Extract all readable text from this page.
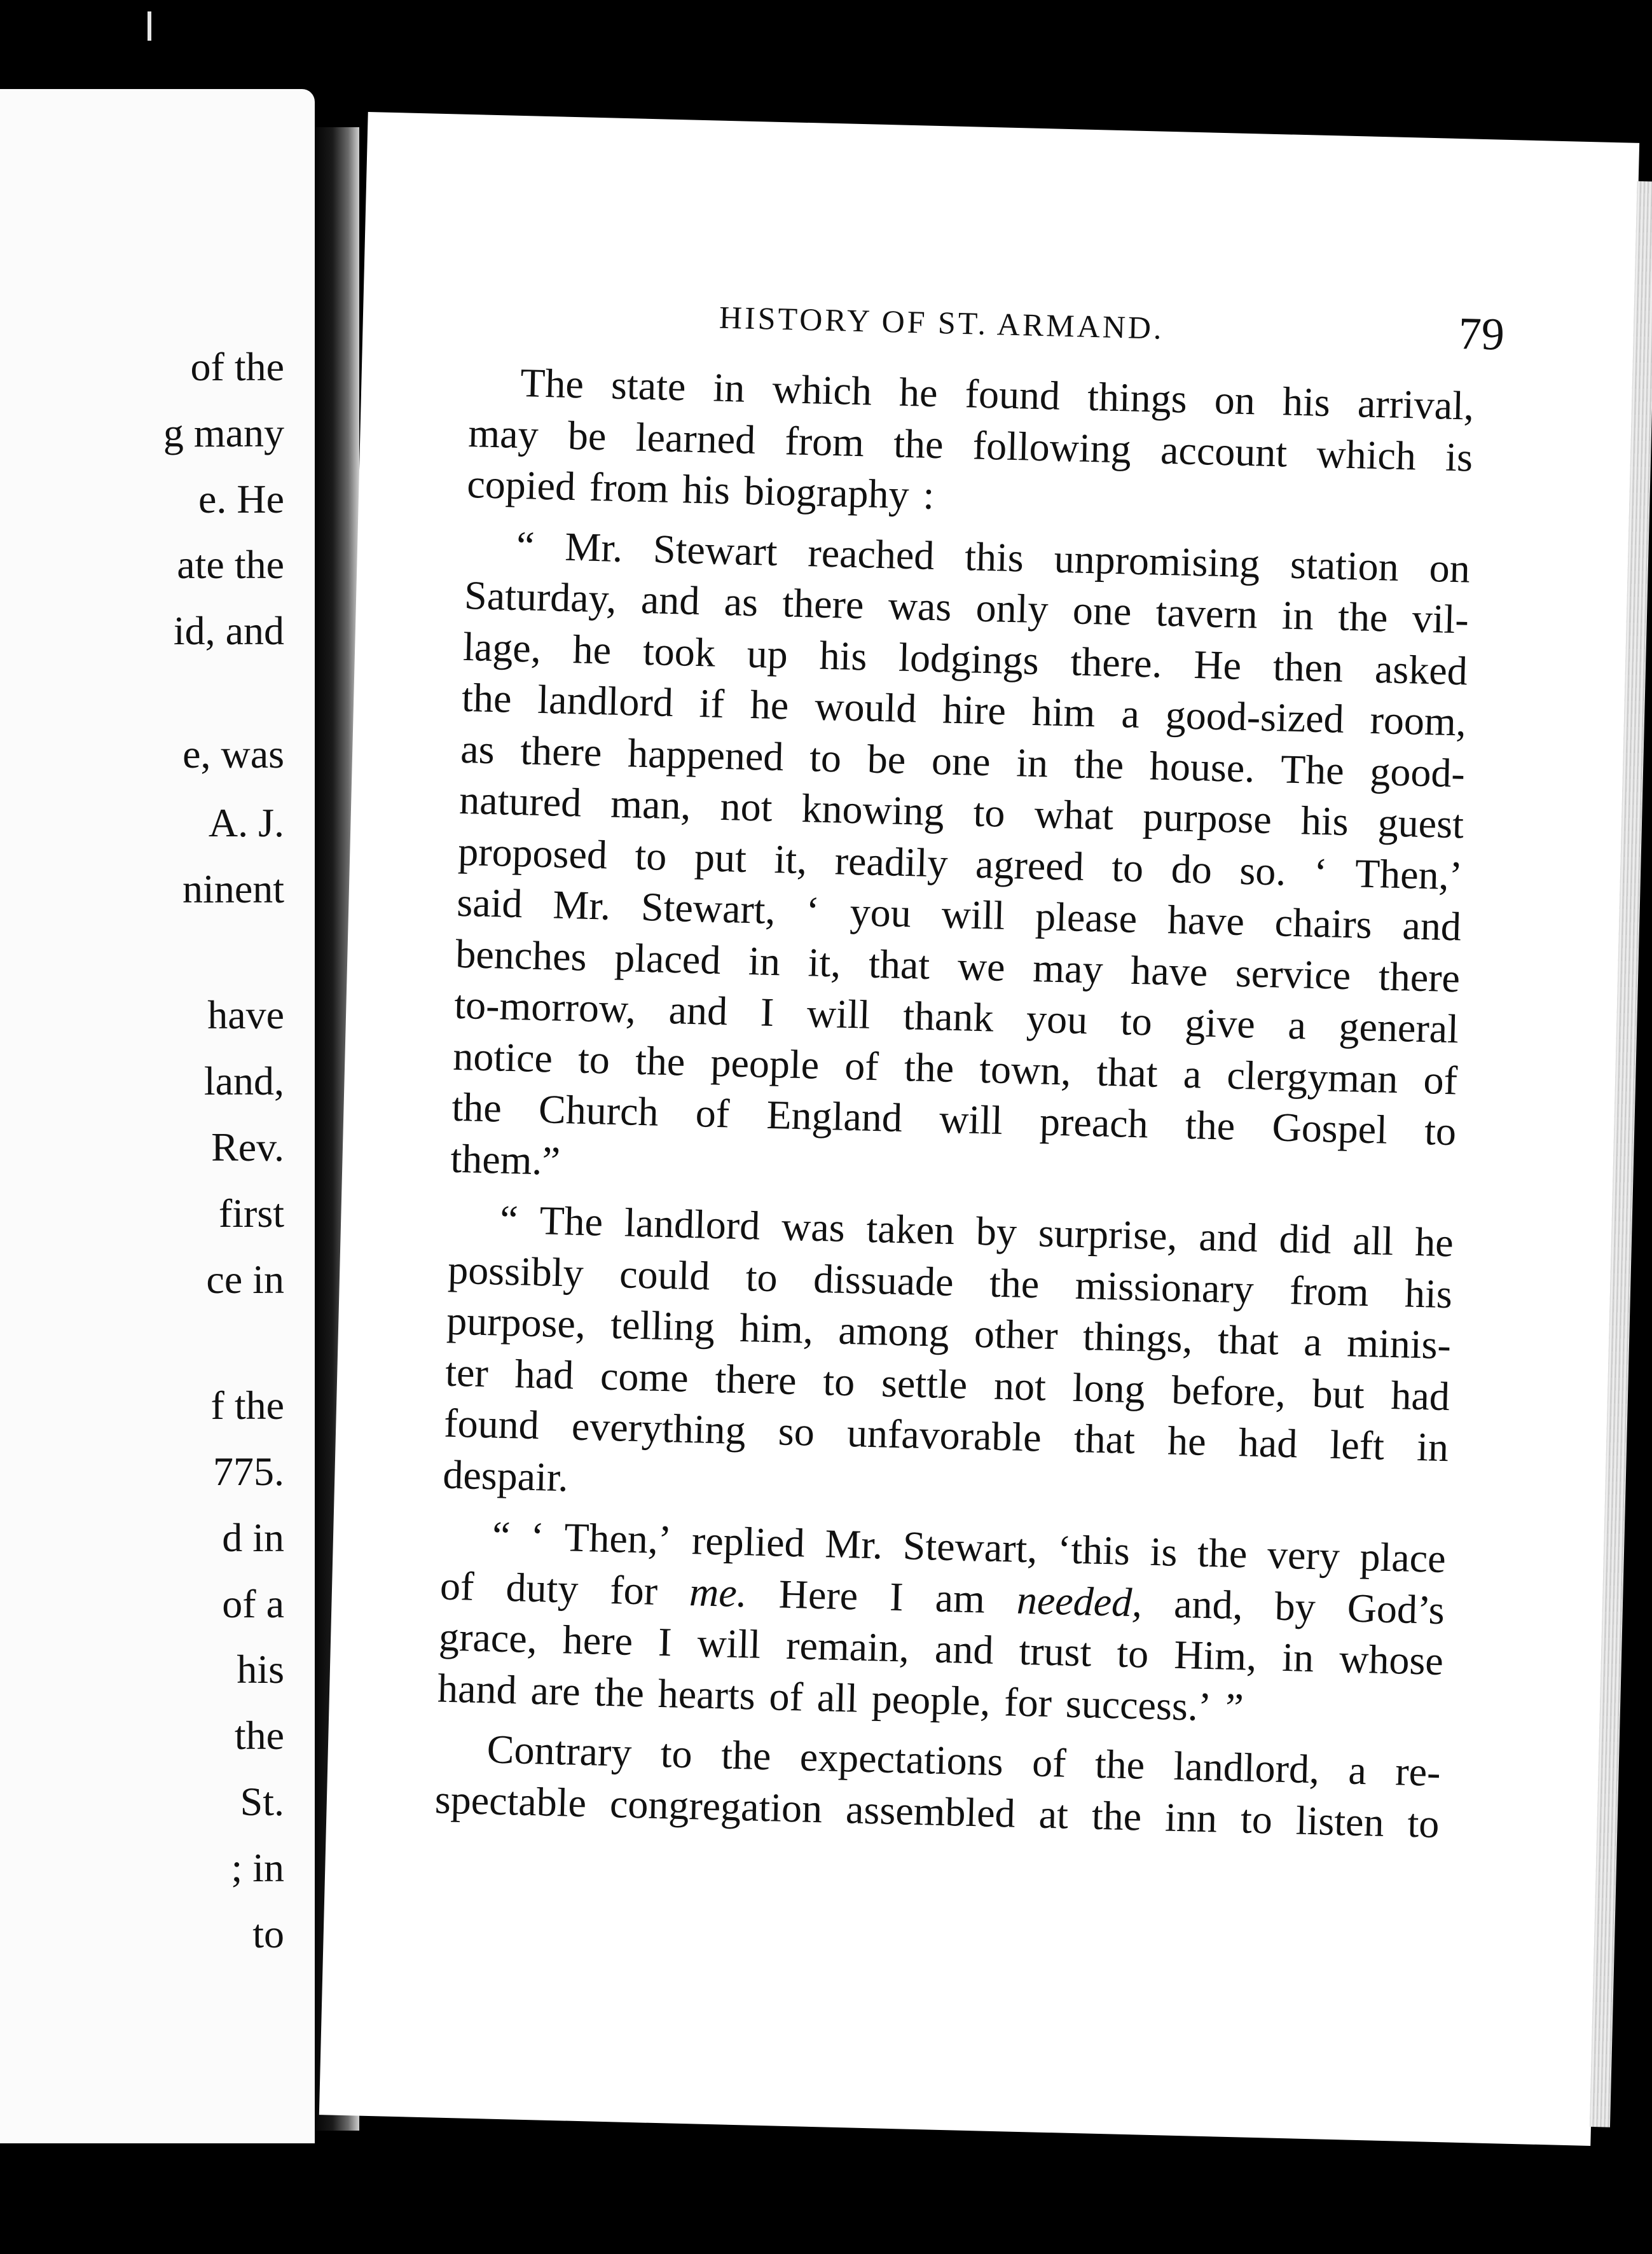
of the
g many
e. He
ate the
id, and
e, was
A. J.
ninent
have
land,
Rev.
first
ce in
f the
775.
d in
of a
his
the
St.
; in
to
HISTORY OF ST. ARMAND.	79
The state in which he found things on his arrival,
may be learned from the following account which is
copied from his biography :
“ Mr. Stewart reached this unpromising station on
Saturday, and as there was only one tavern in the vil-
lage, he took up his lodgings there. He then asked
the landlord if he would hire him a good-sized room,
as there happened to be one in the house. The good-
natured man, not knowing to what purpose his guest
proposed to put it, readily agreed to do so. ‘ Then,’
said Mr. Stewart, ‘ you will please have chairs and
benches placed in it, that we may have service there
to-morrow, and I will thank you to give a general
notice to the people of the town, that a clergyman of
the Church of England will preach the Gospel to
them.”
“ The landlord was taken by surprise, and did all he
possibly could to dissuade the missionary from his
purpose, telling him, among other things, that a minis-
ter had come there to settle not long before, but had
found everything so unfavorable that he had left in
despair.
“ ‘ Then,’ replied Mr. Stewart, ‘this is the very place
of duty for me. Here I am needed, and, by God’s
grace, here I will remain, and trust to Him, in whose
hand are the hearts of all people, for success.’ ”
Contrary to the expectations of the landlord, a re-
spectable congregation assembled at the inn to listen to
